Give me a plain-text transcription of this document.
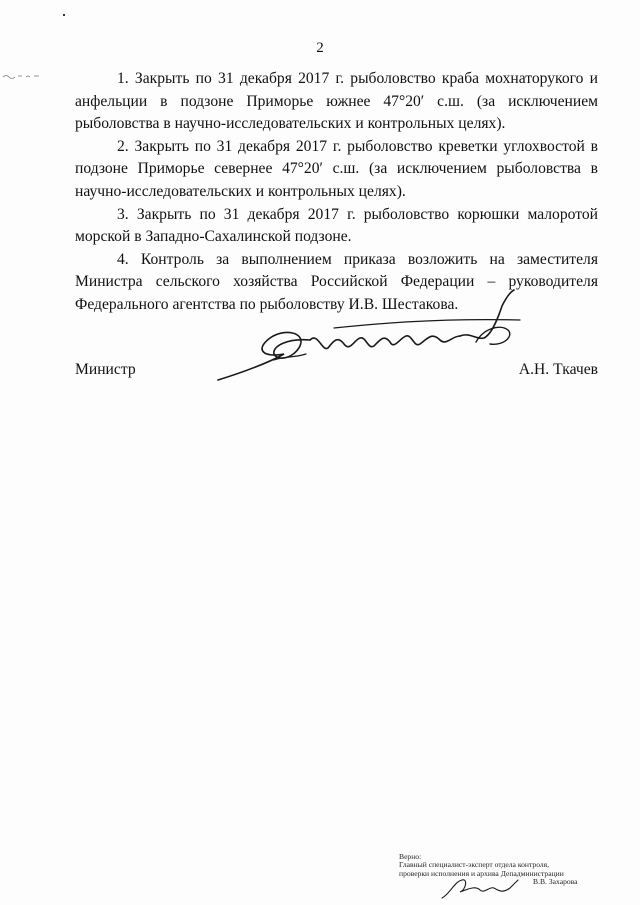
2

1. Закрыть по 31 декабря 2017 г. рыболовство краба мохнаторукого и анфельции в подзоне Приморье южнее 47°20′ с.ш. (за исключением рыболовства в научно-исследовательских и контрольных целях).

2. Закрыть по 31 декабря 2017 г. рыболовство креветки углохвостой в подзоне Приморье севернее 47°20′ с.ш. (за исключением рыболовства в научно-исследовательских и контрольных целях).

3. Закрыть по 31 декабря 2017 г. рыболовство корюшки малоротой морской в Западно-Сахалинской подзоне.

4. Контроль за выполнением приказа возложить на заместителя Министра сельского хозяйства Российской Федерации – руководителя Федерального агентства по рыболовству И.В. Шестакова.

Министр	А.Н. Ткачев
Верно:
Главный специалист-эксперт отдела контроля,
проверки исполнения и архива Депадминистрации
В.В. Захарова
